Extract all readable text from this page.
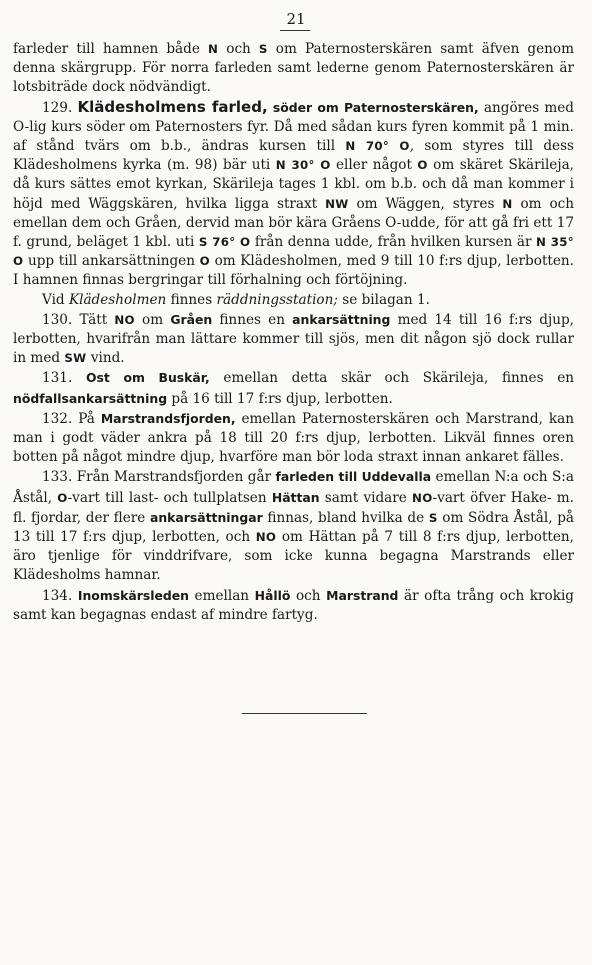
21

farleder till hamnen både N och S om Paternosterskären samt äfven genom denna skärgrupp. För norra farleden samt lederne genom Paternosterskären är lotsbiträde dock nödvändigt.

129. Klädesholmens farled, söder om Paternosterskären, angöres med O-lig kurs söder om Paternosters fyr. Då med sådan kurs fyren kommit på 1 min. af stånd tvärs om b.b., ändras kursen till N 70° O, som styres till dess Klädesholmens kyrka (m. 98) bär uti N 30° O eller något O om skäret Skärileja, då kurs sättes emot kyrkan, Skärileja tages 1 kbl. om b.b. och då man kommer i höjd med Wäggskären, hvilka ligga straxt NW om Wäggen, styres N om och emellan dem och Gråen, dervid man bör kära Gråens O-udde, för att gå fri ett 17 f. grund, beläget 1 kbl. uti S 76° O från denna udde, från hvilken kursen är N 35° O upp till ankarsättningen O om Klädesholmen, med 9 till 10 f:rs djup, lerbotten. I hamnen finnas bergringar till förhalning och förtöjning.

Vid Klädesholmen finnes räddningsstation; se bilagan 1.

130. Tätt NO om Gråen finnes en ankarsättning med 14 till 16 f:rs djup, lerbotten, hvarifrån man lättare kommer till sjös, men dit någon sjö dock rullar in med SW vind.

131. Ost om Buskär, emellan detta skär och Skärileja, finnes en nödfallsankarsättning på 16 till 17 f:rs djup, lerbotten.

132. På Marstrandsfjorden, emellan Paternosterskären och Marstrand, kan man i godt väder ankra på 18 till 20 f:rs djup, lerbotten. Likväl finnes oren botten på något mindre djup, hvarföre man bör loda straxt innan ankaret fälles.

133. Från Marstrandsfjorden går farleden till Uddevalla emellan N:a och S:a Åstål, O-vart till last- och tullplatsen Hättan samt vidare NO-vart öfver Hake- m. fl. fjordar, der flere ankarsättningar finnas, bland hvilka de S om Södra Åstål, på 13 till 17 f:rs djup, lerbotten, och NO om Hättan på 7 till 8 f:rs djup, lerbotten, äro tjenlige för vinddrifvare, som icke kunna begagna Marstrands eller Klädesholms hamnar.

134. Inomskärsleden emellan Hållö och Marstrand är ofta trång och krokig samt kan begagnas endast af mindre fartyg.
